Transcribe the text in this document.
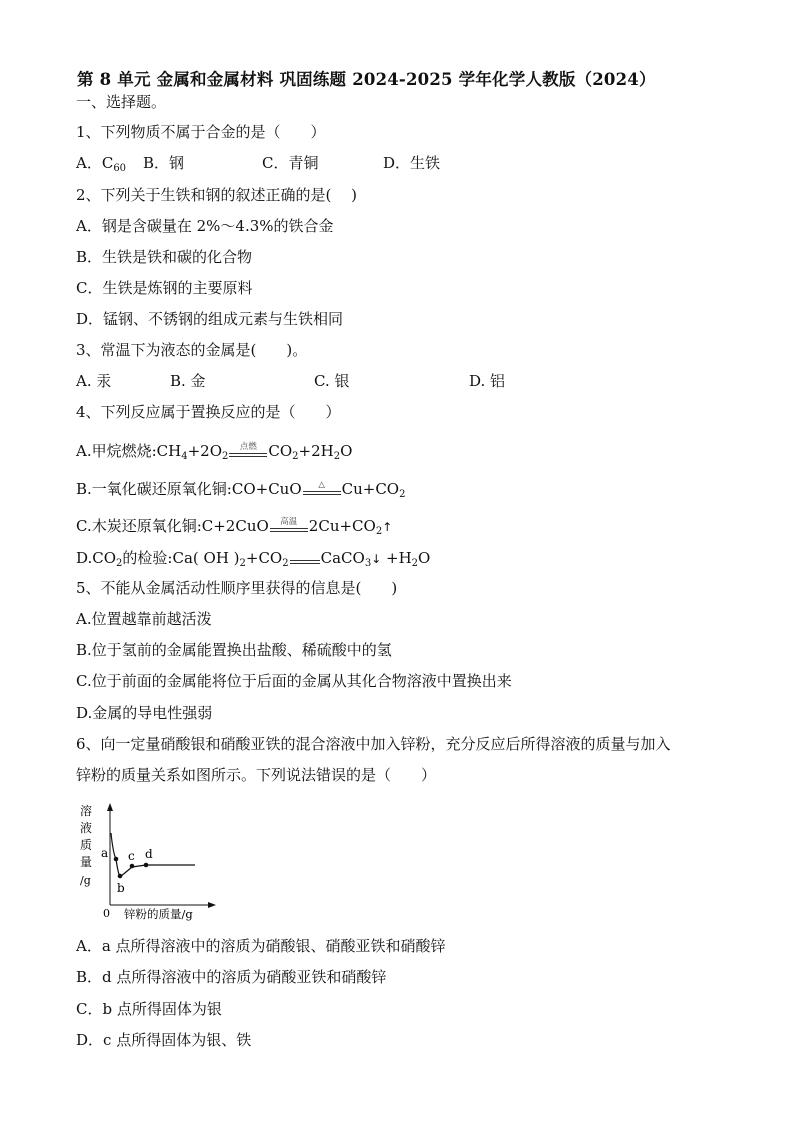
第 8 单元 金属和金属材料 巩固练题 2024-2025 学年化学人教版（2024）
一、选择题。
1、下列物质不属于合金的是（　　）
A．$C_{60}$ B．钢	C．青铜	D．生铁
2、下列关于生铁和钢的叙述正确的是(　 )
A．钢是含碳量在 2%～4.3%的铁合金
B．生铁是铁和碳的化合物
C．生铁是炼钢的主要原料
D．锰钢、不锈钢的组成元素与生铁相同
3、常温下为液态的金属是(　　)。
A. 汞	B. 金	C. 银	D. 铝
4、下列反应属于置换反应的是（　　）
A.甲烷燃烧$:CH_4+2O_2$
点燃 $CO_2+2H_2O$
B.一氧化碳还原氧化铜:CO+CuO	△	$Cu+CO_2$
C.木炭还原氧化铜:C+2CuO	高温 $2Cu+CO_2↑$
$D.CO_2$的检验:Ca( OH )$_2+CO_2$ CaCO$_3$↓ $+H_2O$
5、不能从金属活动性顺序里获得的信息是(　　)
A.位置越靠前越活泼
B.位于氢前的金属能置换出盐酸、稀硫酸中的氢
C.位于前面的金属能将位于后面的金属从其化合物溶液中置换出来
D.金属的导电性强弱
6、向一定量硝酸银和硝酸亚铁的混合溶液中加入锌粉，充分反应后所得溶液的质量与加入
锌粉的质量关系如图所示。下列说法错误的是（　　）
溶
液
质
量
/g
0 锌粉的质量/g
a
b
c d
A．a 点所得溶液中的溶质为硝酸银、硝酸亚铁和硝酸锌
B．d 点所得溶液中的溶质为硝酸亚铁和硝酸锌
C．b 点所得固体为银
D．c 点所得固体为银、铁
